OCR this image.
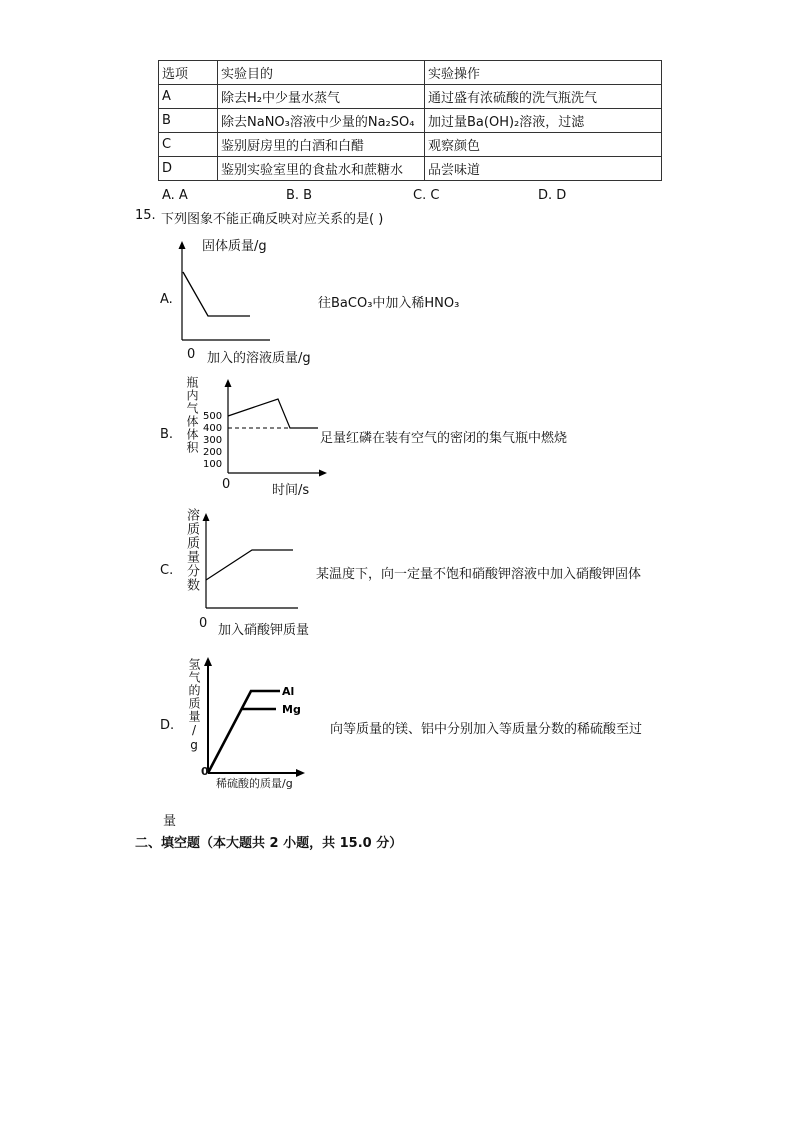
选项	实验目的	实验操作
A	除去H₂中少量水蒸气	通过盛有浓硫酸的洗气瓶洗气
B	除去NaNO₃溶液中少量的Na₂SO₄	加过量Ba(OH)₂溶液，过滤
C	鉴别厨房里的白酒和白醋	观察颜色
D	鉴别实验室里的食盐水和蔗糖水	品尝味道
A. A	B. B	C. C	D. D
15. 下列图象不能正确反映对应关系的是( )
A.
固体质量/g
0 加入的溶液质量/g
往BaCO₃中加入稀HNO₃
B. 瓶内气体体积 500
400
300
200
100
0	时间/s
足量红磷在装有空气的密闭的集气瓶中燃烧
C. 溶质质量分数
0 加入硝酸钾质量
某温度下，向一定量不饱和硝酸钾溶液中加入硝酸钾固体
D. 氢气的质量/g	Al
Mg
0
稀硫酸的质量/g
向等质量的镁、铝中分别加入等质量分数的稀硫酸至过
量
二、填空题（本大题共 2 小题，共 15.0 分）
